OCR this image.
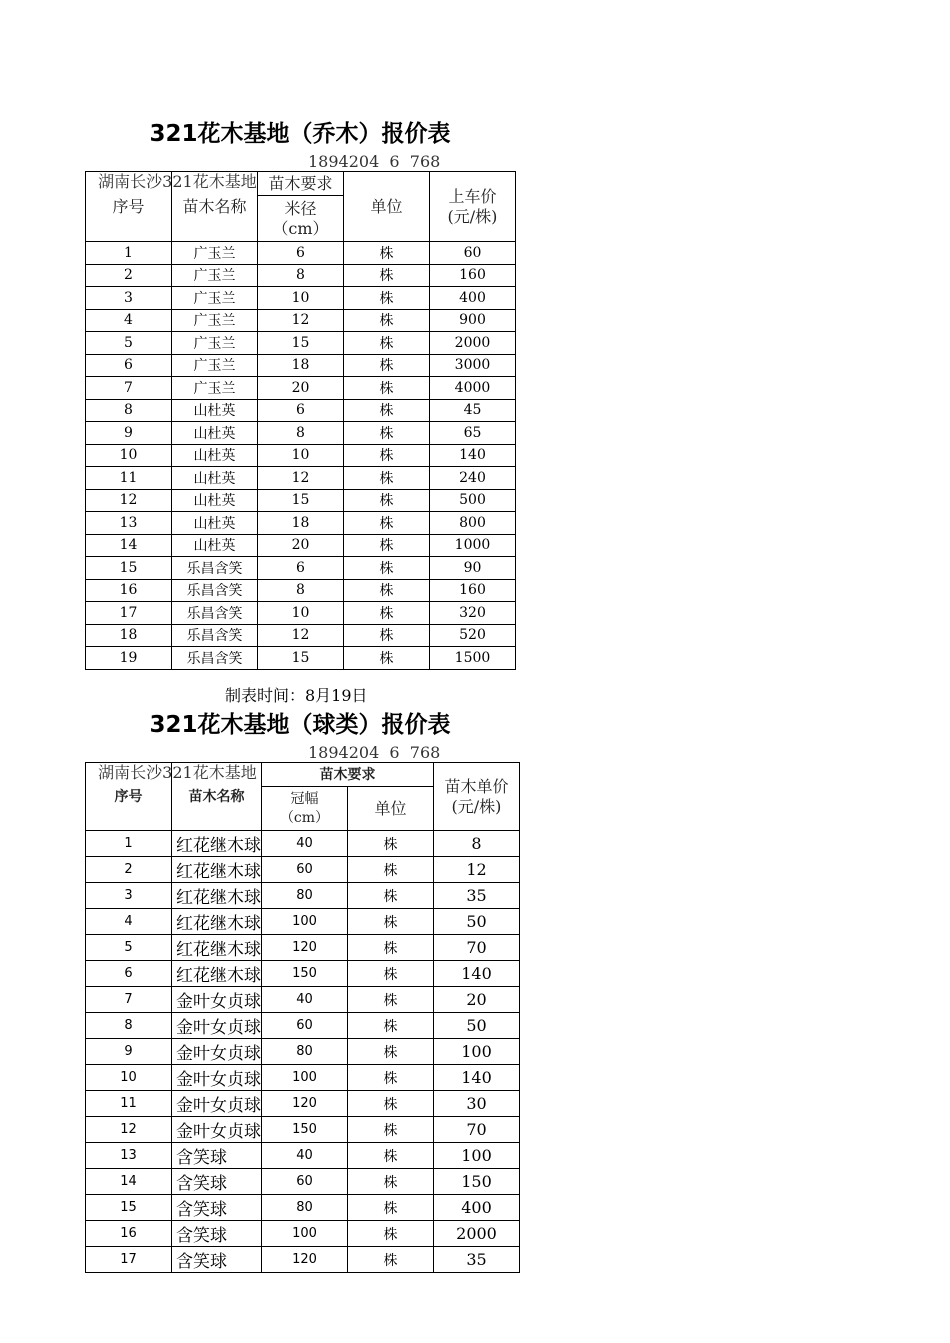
321花木基地（乔木）报价表

湖南长沙321花木基地

1894204  6  768

序号	苗木名称	苗木要求	单位	上车价(元/株)
		米径（cm）		
1	广玉兰	6	株	60
2	广玉兰	8	株	160
3	广玉兰	10	株	400
4	广玉兰	12	株	900
5	广玉兰	15	株	2000
6	广玉兰	18	株	3000
7	广玉兰	20	株	4000
8	山杜英	6	株	45
9	山杜英	8	株	65
10	山杜英	10	株	140
11	山杜英	12	株	240
12	山杜英	15	株	500
13	山杜英	18	株	800
14	山杜英	20	株	1000
15	乐昌含笑	6	株	90
16	乐昌含笑	8	株	160
17	乐昌含笑	10	株	320
18	乐昌含笑	12	株	520
19	乐昌含笑	15	株	1500
制表时间：8月19日
321花木基地（球类）报价表

湖南长沙321花木基地

1894204  6  768

序号	苗木名称	苗木要求		苗木单价(元/株)
		冠幅（cm）	单位	
1	红花继木球	40	株	8
2	红花继木球	60	株	12
3	红花继木球	80	株	35
4	红花继木球	100	株	50
5	红花继木球	120	株	70
6	红花继木球	150	株	140
7	金叶女贞球	40	株	20
8	金叶女贞球	60	株	50
9	金叶女贞球	80	株	100
10	金叶女贞球	100	株	140
11	金叶女贞球	120	株	30
12	金叶女贞球	150	株	70
13	含笑球	40	株	100
14	含笑球	60	株	150
15	含笑球	80	株	400
16	含笑球	100	株	2000
17	含笑球	120	株	35
